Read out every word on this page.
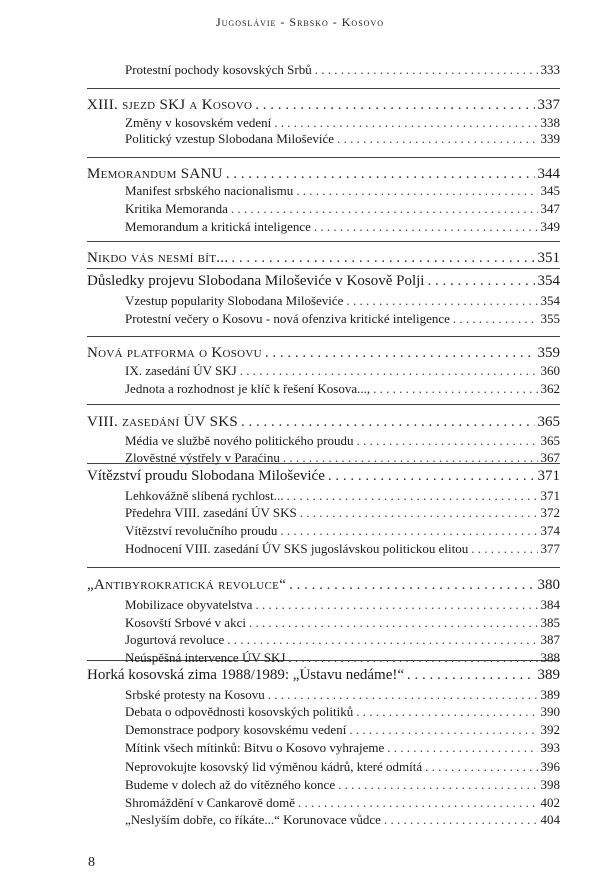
Jugoslávie - Srbsko - Kosovo
Protestní pochody kosovských Srbů . . .	333
XIII. sjezd SKJ a Kosovo . . .	337
Změny v kosovském vedení . . .	338
Politický vzestup Slobodana Miloševiće . . .	339
Memorandum SANU . . .	344
Manifest srbského nacionalismu . . .	345
Kritika Memoranda . . .	347
Memorandum a kritická inteligence . . .	349
Nikdo vás nesmí bít... . . .	351
Důsledky projevu Slobodana Miloševiće v Kosově Polji . . .	354
Vzestup popularity Slobodana Miloševiće . . .	354
Protestní večery o Kosovu - nová ofenziva kritické inteligence . . .	355
Nová platforma o Kosovu . . .	359
IX. zasedání ÚV SKJ . . .	360
Jednota a rozhodnost je klíč k řešení Kosova..., . . .	362
VIII. zasedání ÚV SKS . . .	365
Média ve službě nového politického proudu . . .	365
Zlověstné výstřely v Paraćinu . . .	367
Vítězství proudu Slobodana Miloševiće . . .	371
Lehkovážně slíbená rychlost... . . .	371
Předehra VIII. zasedání ÚV SKS . . .	372
Vítězství revolučního proudu . . .	374
Hodnocení VIII. zasedání ÚV SKS jugoslávskou politickou elitou . . .	377
„Antibyrokratická revoluce“ . . .	380
Mobilizace obyvatelstva . . .	384
Kosovští Srbové v akci . . .	385
Jogurtová revoluce . . .	387
Neúspěšná intervence ÚV SKJ . . .	388
Horká kosovská zima 1988/1989: „Ústavu nedáme!“ . . .	389
Srbské protesty na Kosovu . . .	389
Debata o odpovědnosti kosovských politiků . . .	390
Demonstrace podpory kosovskému vedení . . .	392
Mítink všech mítinků: Bitvu o Kosovo vyhrajeme . . .	393
Neprovokujte kosovský lid výměnou kádrů, které odmítá . . .	396
Budeme v dolech až do vítězného konce . . .	398
Shromáždění v Cankarově domě . . .	402
„Neslyším dobře, co říkáte...“ Korunovace vůdce . . .	404
8
